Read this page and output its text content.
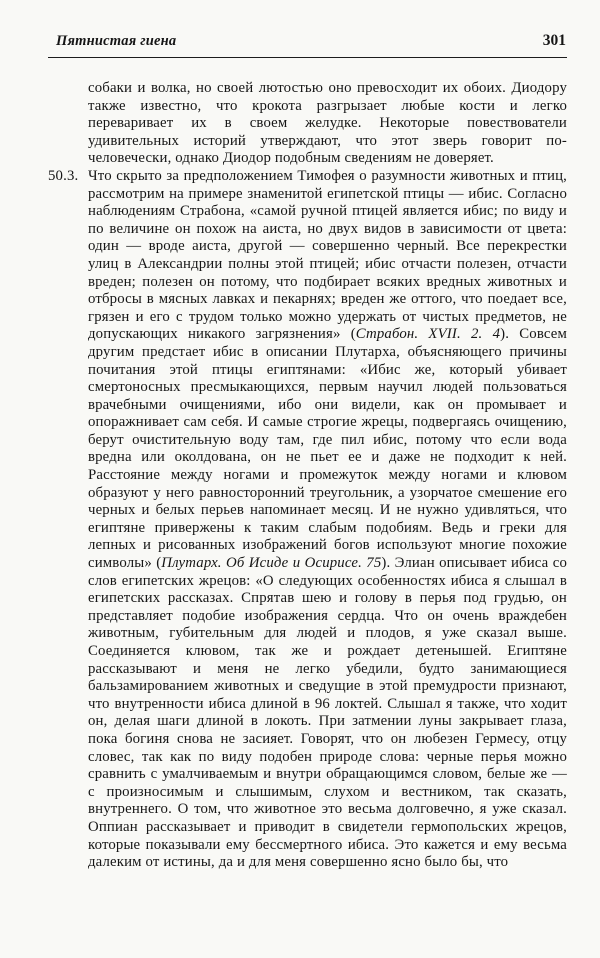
Пятнистая гиена	301

собаки и волка, но своей лютостью оно превосходит их обоих. Диодору также известно, что крокота разгрызает любые кости и легко переваривает их в своем желудке. Некоторые повествователи удивительных историй утверждают, что этот зверь говорит по-человечески, однако Диодор подобным сведениям не доверяет.

50.3. Что скрыто за предположением Тимофея о разумности животных и птиц, рассмотрим на примере знаменитой египетской птицы — ибис. Согласно наблюдениям Страбона, «самой ручной птицей является ибис; по виду и по величине он похож на аиста, но двух видов в зависимости от цвета: один — вроде аиста, другой — совершенно черный. Все перекрестки улиц в Александрии полны этой птицей; ибис отчасти полезен, отчасти вреден; полезен он потому, что подбирает всяких вредных животных и отбросы в мясных лавках и пекарнях; вреден же оттого, что поедает все, грязен и его с трудом только можно удержать от чистых предметов, не допускающих никакого загрязнения» (Страбон. XVII. 2. 4). Совсем другим предстает ибис в описании Плутарха, объясняющего причины почитания этой птицы египтянами: «Ибис же, который убивает смертоносных пресмыкающихся, первым научил людей пользоваться врачебными очищениями, ибо они видели, как он промывает и опоражнивает сам себя. И самые строгие жрецы, подвергаясь очищению, берут очистительную воду там, где пил ибис, потому что если вода вредна или околдована, он не пьет ее и даже не подходит к ней. Расстояние между ногами и промежуток между ногами и клювом образуют у него равносторонний треугольник, а узорчатое смешение его черных и белых перьев напоминает месяц. И не нужно удивляться, что египтяне привержены к таким слабым подобиям. Ведь и греки для лепных и рисованных изображений богов используют многие похожие символы» (Плутарх. Об Исиде и Осирисе. 75). Элиан описывает ибиса со слов египетских жрецов: «О следующих особенностях ибиса я слышал в египетских рассказах. Спрятав шею и голову в перья под грудью, он представляет подобие изображения сердца. Что он очень враждебен животным, губительным для людей и плодов, я уже сказал выше. Соединяется клювом, так же и рождает детенышей. Египтяне рассказывают и меня не легко убедили, будто занимающиеся бальзамированием животных и сведущие в этой премудрости признают, что внутренности ибиса длиной в 96 локтей. Слышал я также, что ходит он, делая шаги длиной в локоть. При затмении луны закрывает глаза, пока богиня снова не засияет. Говорят, что он любезен Гермесу, отцу словес, так как по виду подобен природе слова: черные перья можно сравнить с умалчиваемым и внутри обращающимся словом, белые же — с произносимым и слышимым, слухом и вестником, так сказать, внутреннего. О том, что животное это весьма долговечно, я уже сказал. Оппиан рассказывает и приводит в свидетели гермопольских жрецов, которые показывали ему бессмертного ибиса. Это кажется и ему весьма далеким от истины, да и для меня совершенно ясно было бы, что
